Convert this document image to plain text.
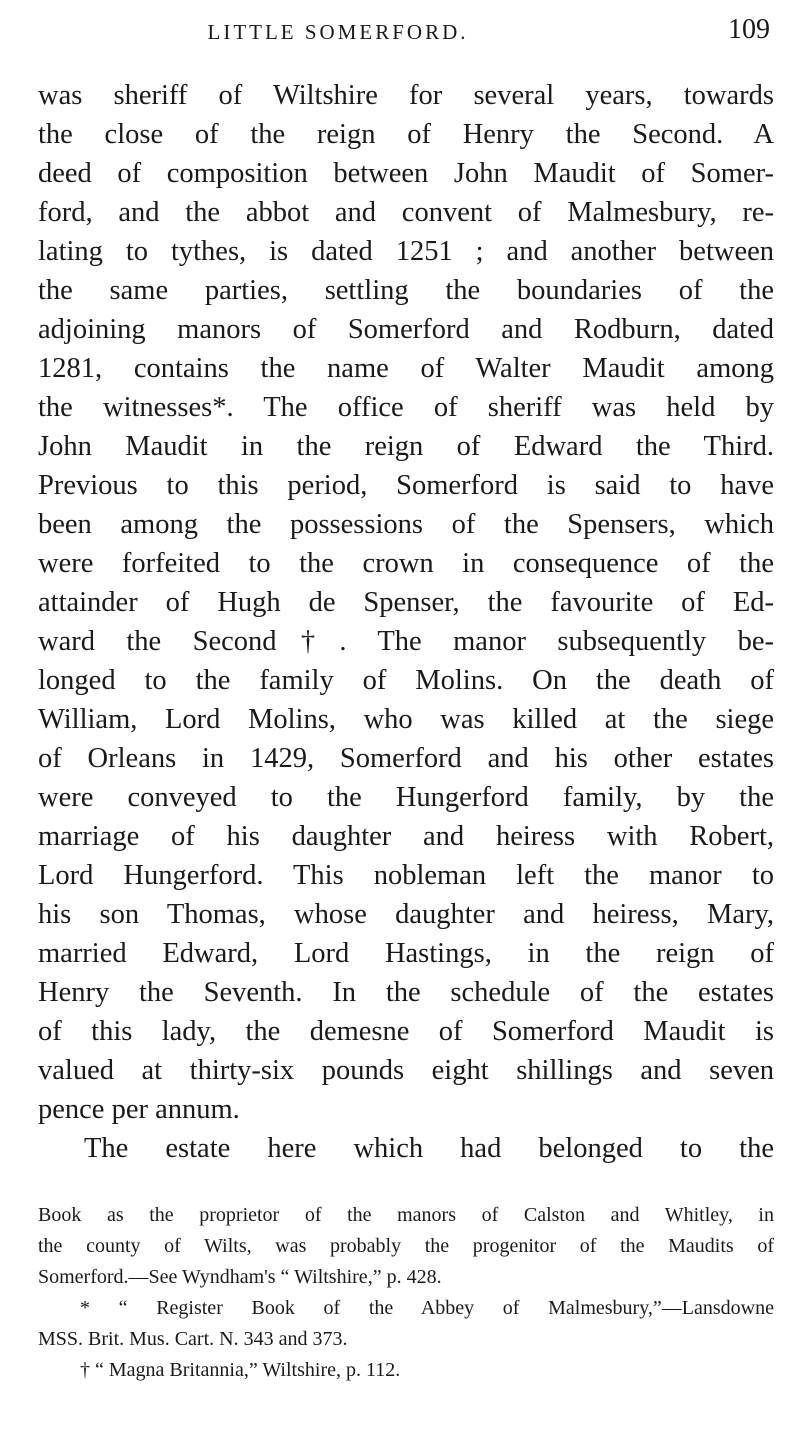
LITTLE SOMERFORD.	109
was sheriff of Wiltshire for several years, towards
the close of the reign of Henry the Second. A
deed of composition between John Maudit of Somer-
ford, and the abbot and convent of Malmesbury, re-
lating to tythes, is dated 1251 ; and another between
the same parties, settling the boundaries of the
adjoining manors of Somerford and Rodburn, dated
1281, contains the name of Walter Maudit among
the witnesses*. The office of sheriff was held by
John Maudit in the reign of Edward the Third.
Previous to this period, Somerford is said to have
been among the possessions of the Spensers, which
were forfeited to the crown in consequence of the
attainder of Hugh de Spenser, the favourite of Ed-
ward the Second†. The manor subsequently be-
longed to the family of Molins. On the death of
William, Lord Molins, who was killed at the siege
of Orleans in 1429, Somerford and his other estates
were conveyed to the Hungerford family, by the
marriage of his daughter and heiress with Robert,
Lord Hungerford. This nobleman left the manor to
his son Thomas, whose daughter and heiress, Mary,
married Edward, Lord Hastings, in the reign of
Henry the Seventh. In the schedule of the estates
of this lady, the demesne of Somerford Maudit is
valued at thirty-six pounds eight shillings and seven
pence per annum.
The estate here which had belonged to the
Book as the proprietor of the manors of Calston and Whitley, in
the county of Wilts, was probably the progenitor of the Maudits of
Somerford.—See Wyndham's “ Wiltshire,” p. 428.
* “ Register Book of the Abbey of Malmesbury,”—Lansdowne
MSS. Brit. Mus. Cart. N. 343 and 373.
† “ Magna Britannia,” Wiltshire, p. 112.
